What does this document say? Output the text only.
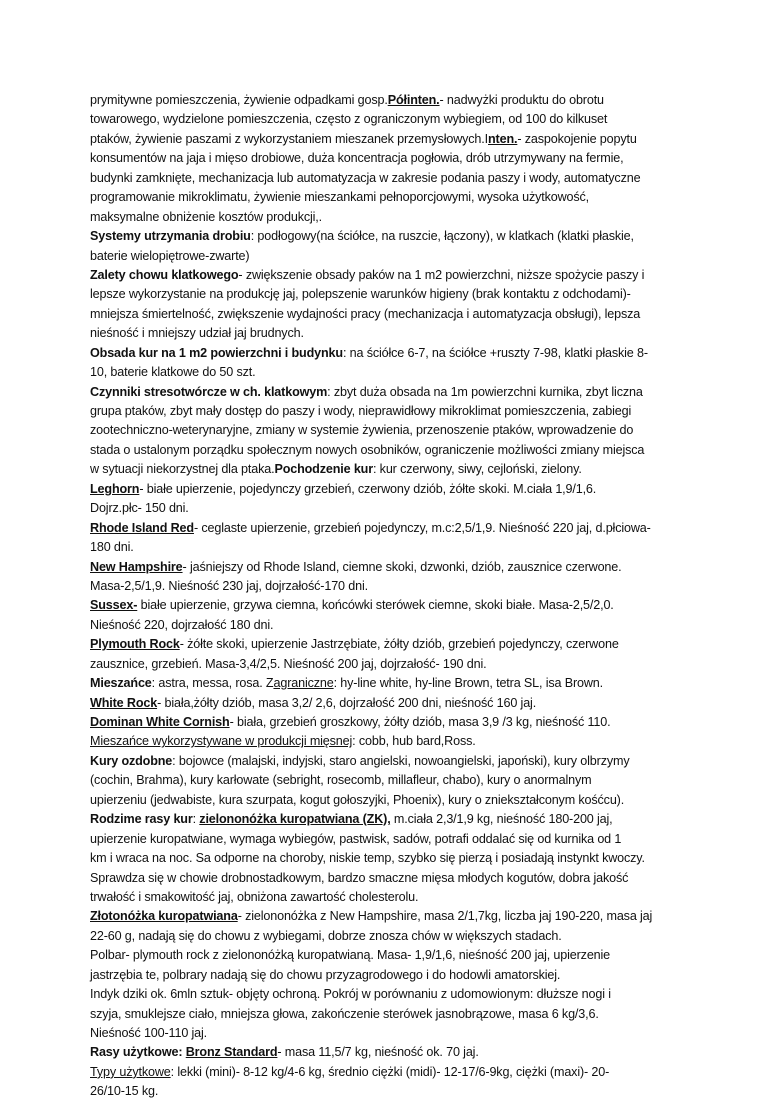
prymitywne pomieszczenia, żywienie odpadkami gosp.Półinten.- nadwyżki produktu do obrotu
towarowego, wydzielone pomieszczenia, często z ograniczonym wybiegiem, od 100 do kilkuset
ptaków, żywienie paszami z wykorzystaniem mieszanek przemysłowych.Inten.- zaspokojenie popytu
konsumentów na jaja i mięso drobiowe, duża koncentracja pogłowia, drób utrzymywany na fermie,
budynki zamknięte, mechanizacja lub automatyzacja w zakresie podania paszy i wody, automatyczne
programowanie mikroklimatu, żywienie mieszankami pełnoporcjowymi, wysoka użytkowość,
maksymalne obniżenie kosztów produkcji,.
Systemy utrzymania drobiu: podłogowy(na ściółce, na ruszcie, łączony), w klatkach (klatki płaskie,
baterie wielopiętrowe-zwarte)
Zalety chowu klatkowego- zwiększenie obsady paków na 1 m2 powierzchni, niższe spożycie paszy i
lepsze wykorzystanie na produkcję jaj, polepszenie warunków higieny (brak kontaktu z odchodami)-
mniejsza śmiertelność, zwiększenie wydajności pracy (mechanizacja i automatyzacja obsługi), lepsza
nieśność i mniejszy udział jaj brudnych.
Obsada kur na 1 m2 powierzchni i budynku: na ściółce 6-7, na ściółce +ruszty 7-98, klatki płaskie 8-
10, baterie klatkowe do 50 szt.
Czynniki stresotwórcze w ch. klatkowym: zbyt duża obsada na 1m powierzchni kurnika, zbyt liczna
grupa ptaków, zbyt mały dostęp do paszy i wody, nieprawidłowy mikroklimat pomieszczenia, zabiegi
zootechniczno-weterynaryjne, zmiany w systemie żywienia, przenoszenie ptaków, wprowadzenie do
stada o ustalonym porządku społecznym nowych osobników, ograniczenie możliwości zmiany miejsca
w sytuacji niekorzystnej dla ptaka.Pochodzenie kur: kur czerwony, siwy, cejloński, zielony.
Leghorn- białe upierzenie, pojedynczy grzebień, czerwony dziób, żółte skoki. M.ciała 1,9/1,6.
Dojrz.płc- 150 dni.
Rhode Island Red- ceglaste upierzenie, grzebień pojedynczy, m.c:2,5/1,9. Nieśność 220 jaj, d.płciowa-
180 dni.
New Hampshire- jaśniejszy od Rhode Island, ciemne skoki, dzwonki, dziób, zausznice czerwone.
Masa-2,5/1,9. Nieśność 230 jaj, dojrzałość-170 dni.
Sussex- białe upierzenie, grzywa ciemna, końcówki sterówek ciemne, skoki białe. Masa-2,5/2,0.
Nieśność 220, dojrzałość 180 dni.
Plymouth Rock- żółte skoki, upierzenie Jastrzębiate, żółty dziób, grzebień pojedynczy, czerwone
zausznice, grzebień. Masa-3,4/2,5. Nieśność 200 jaj, dojrzałość- 190 dni.
Mieszańce: astra, messa, rosa. Zagraniczne: hy-line white, hy-line Brown, tetra SL, isa Brown.
White Rock- biała,żółty dziób, masa 3,2/ 2,6, dojrzałość 200 dni, nieśność 160 jaj.
Dominan White Cornish- biała, grzebień groszkowy, żółty dziób, masa 3,9 /3 kg, nieśność 110.
Mieszańce wykorzystywane w produkcji mięsnej: cobb, hub bard,Ross.
Kury ozdobne: bojowce (malajski, indyjski, staro angielski, nowoangielski, japoński), kury olbrzymy
(cochin, Brahma), kury karłowate (sebright, rosecomb, millafleur, chabo), kury o anormalnym
upierzeniu (jedwabiste, kura szurpata, kogut gołoszyjki, Phoenix), kury o zniekształconym kośćcu).
Rodzime rasy kur: zielononóżka kuropatwiana (ZK), m.ciała 2,3/1,9 kg, nieśność 180-200 jaj,
upierzenie kuropatwiane, wymaga wybiegów, pastwisk, sadów, potrafi oddalać się od kurnika od 1
km i wraca na noc. Sa odporne na choroby, niskie temp, szybko się pierzą i posiadają instynkt kwoczy.
Sprawdza się w chowie drobnostadkowym, bardzo smaczne mięsa młodych kogutów, dobra jakość
trwałość i smakowitość jaj, obniżona zawartość cholesterolu.
Złotonóżka kuropatwiana- zielononóżka z New Hampshire, masa 2/1,7kg, liczba jaj 190-220, masa jaj
22-60 g, nadają się do chowu z wybiegami, dobrze znosza chów w większych stadach.
Polbar- plymouth rock z zielononóżką kuropatwianą. Masa- 1,9/1,6, nieśność 200 jaj, upierzenie
jastrzębia te, polbrary nadają się do chowu przyzagrodowego i do hodowli amatorskiej.
Indyk dziki ok. 6mln sztuk- objęty ochroną. Pokrój w porównaniu z udomowionym: dłuższe nogi i
szyja, smuklejsze ciało, mniejsza głowa, zakończenie sterówek jasnobrązowe, masa 6 kg/3,6.
Nieśność 100-110 jaj.
Rasy użytkowe: Bronz Standard- masa 11,5/7 kg, nieśność ok. 70 jaj.
Typy użytkowe: lekki (mini)- 8-12 kg/4-6 kg, średnio ciężki (midi)- 12-17/6-9kg, ciężki (maxi)- 20-
26/10-15 kg.
